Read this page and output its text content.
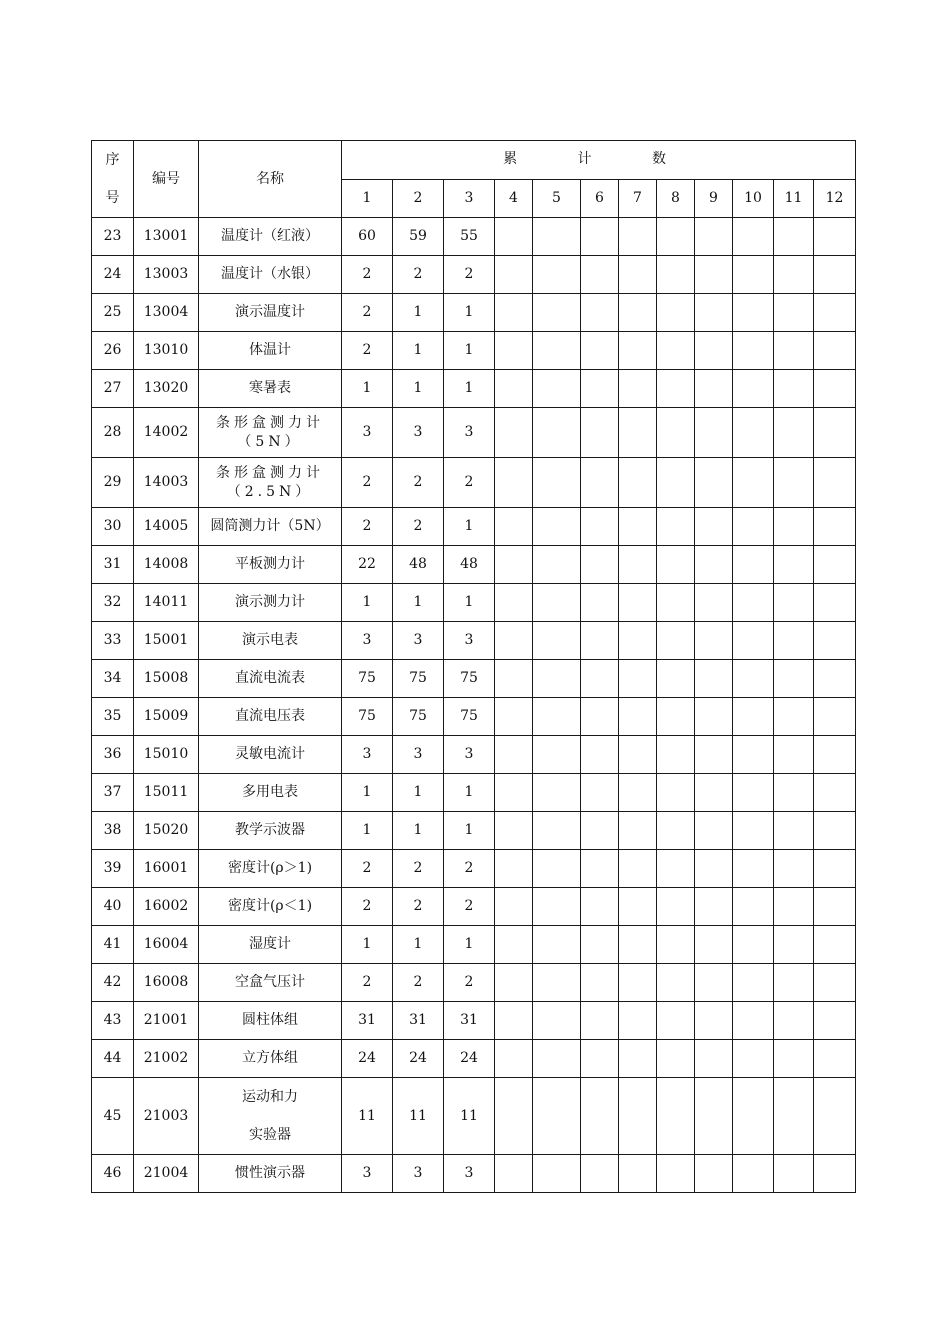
序
号	编号	名称	累 计 数											
			1	2	3	4	5	6	7	8	9	10	11	12
23	13001	温度计（红液）	60	59	55									
24	13003	温度计（水银）	2	2	2									
25	13004	演示温度计	2	1	1									
26	13010	体温计	2	1	1									
27	13020	寒暑表	1	1	1									
28	14002	条形盒测力计（5N）	3	3	3									
29	14003	条形盒测力计（2.5N）	2	2	2									
30	14005	圆筒测力计（5N）	2	2	1									
31	14008	平板测力计	22	48	48									
32	14011	演示测力计	1	1	1									
33	15001	演示电表	3	3	3									
34	15008	直流电流表	75	75	75									
35	15009	直流电压表	75	75	75									
36	15010	灵敏电流计	3	3	3									
37	15011	多用电表	1	1	1									
38	15020	教学示波器	1	1	1									
39	16001	密度计(ρ＞1)	2	2	2									
40	16002	密度计(ρ＜1)	2	2	2									
41	16004	湿度计	1	1	1									
42	16008	空盒气压计	2	2	2									
43	21001	圆柱体组	31	31	31									
44	21002	立方体组	24	24	24									
45	21003	运动和力
实验器	11	11	11									
46	21004	惯性演示器	3	3	3									
